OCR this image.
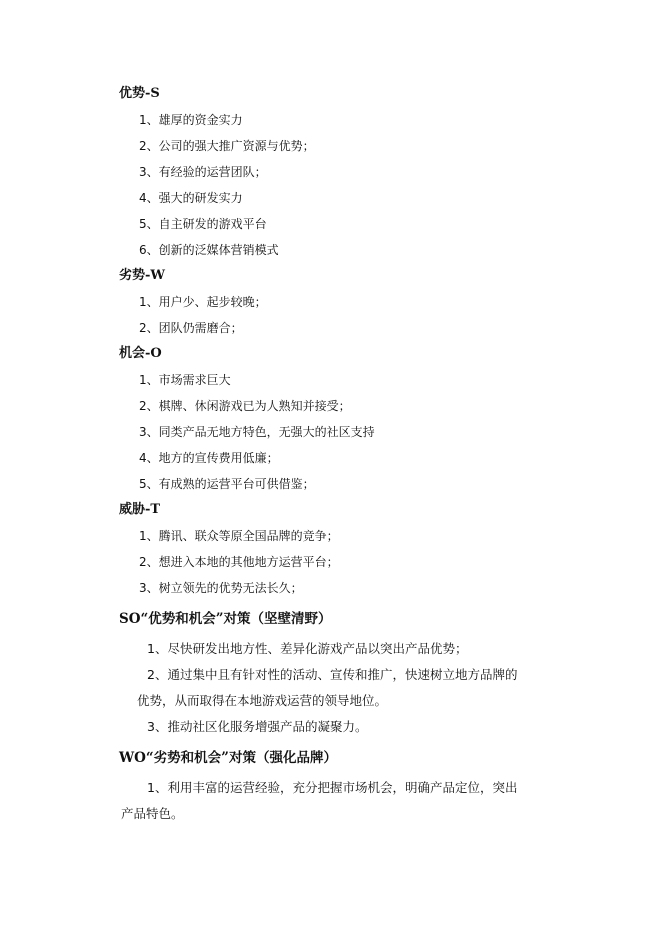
优势-S
1、雄厚的资金实力
2、公司的强大推广资源与优势；
3、有经验的运营团队；
4、强大的研发实力
5、自主研发的游戏平台
6、创新的泛媒体营销模式
劣势-W
1、用户少、起步较晚；
2、团队仍需磨合；
机会-O
1、市场需求巨大
2、棋牌、休闲游戏已为人熟知并接受；
3、同类产品无地方特色，无强大的社区支持
4、地方的宣传费用低廉；
5、有成熟的运营平台可供借鉴；
威胁-T
1、腾讯、联众等原全国品牌的竞争；
2、想进入本地的其他地方运营平台；
3、树立领先的优势无法长久；
SO“优势和机会”对策（坚壁清野）
1、尽快研发出地方性、差异化游戏产品以突出产品优势；
2、通过集中且有针对性的活动、宣传和推广，快速树立地方品牌的
优势，从而取得在本地游戏运营的领导地位。
3、推动社区化服务增强产品的凝聚力。
WO“劣势和机会”对策（强化品牌）
1、利用丰富的运营经验，充分把握市场机会，明确产品定位，突出
产品特色。
